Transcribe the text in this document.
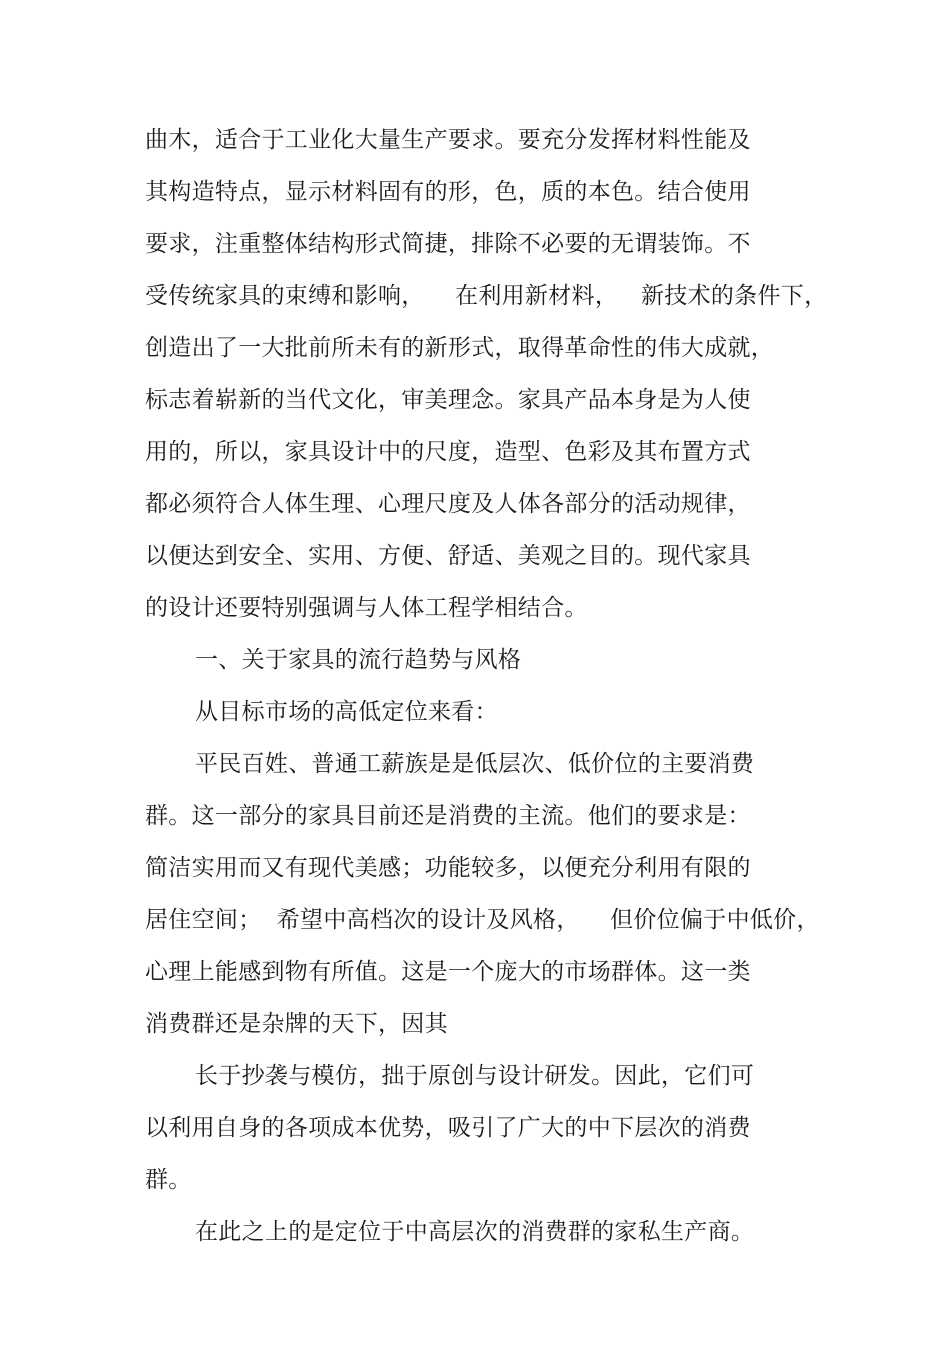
曲木，适合于工业化大量生产要求。要充分发挥材料性能及
其构造特点，显示材料固有的形，色，质的本色。结合使用
要求，注重整体结构形式简捷，排除不必要的无谓装饰。不
受传统家具的束缚和影响，    在利用新材料，   新技术的条件下，
创造出了一大批前所未有的新形式，取得革命性的伟大成就，
标志着崭新的当代文化，审美理念。家具产品本身是为人使
用的，所以，家具设计中的尺度，造型、色彩及其布置方式
都必须符合人体生理、心理尺度及人体各部分的活动规律，
以便达到安全、实用、方便、舒适、美观之目的。现代家具
的设计还要特别强调与人体工程学相结合。
一、关于家具的流行趋势与风格
从目标市场的高低定位来看：
平民百姓、普通工薪族是是低层次、低价位的主要消费
群。这一部分的家具目前还是消费的主流。他们的要求是：
简洁实用而又有现代美感；功能较多，以便充分利用有限的
居住空间；  希望中高档次的设计及风格，    但价位偏于中低价，
心理上能感到物有所值。这是一个庞大的市场群体。这一类
消费群还是杂牌的天下，因其
长于抄袭与模仿，拙于原创与设计研发。因此，它们可
以利用自身的各项成本优势，吸引了广大的中下层次的消费
群。
在此之上的是定位于中高层次的消费群的家私生产商。
